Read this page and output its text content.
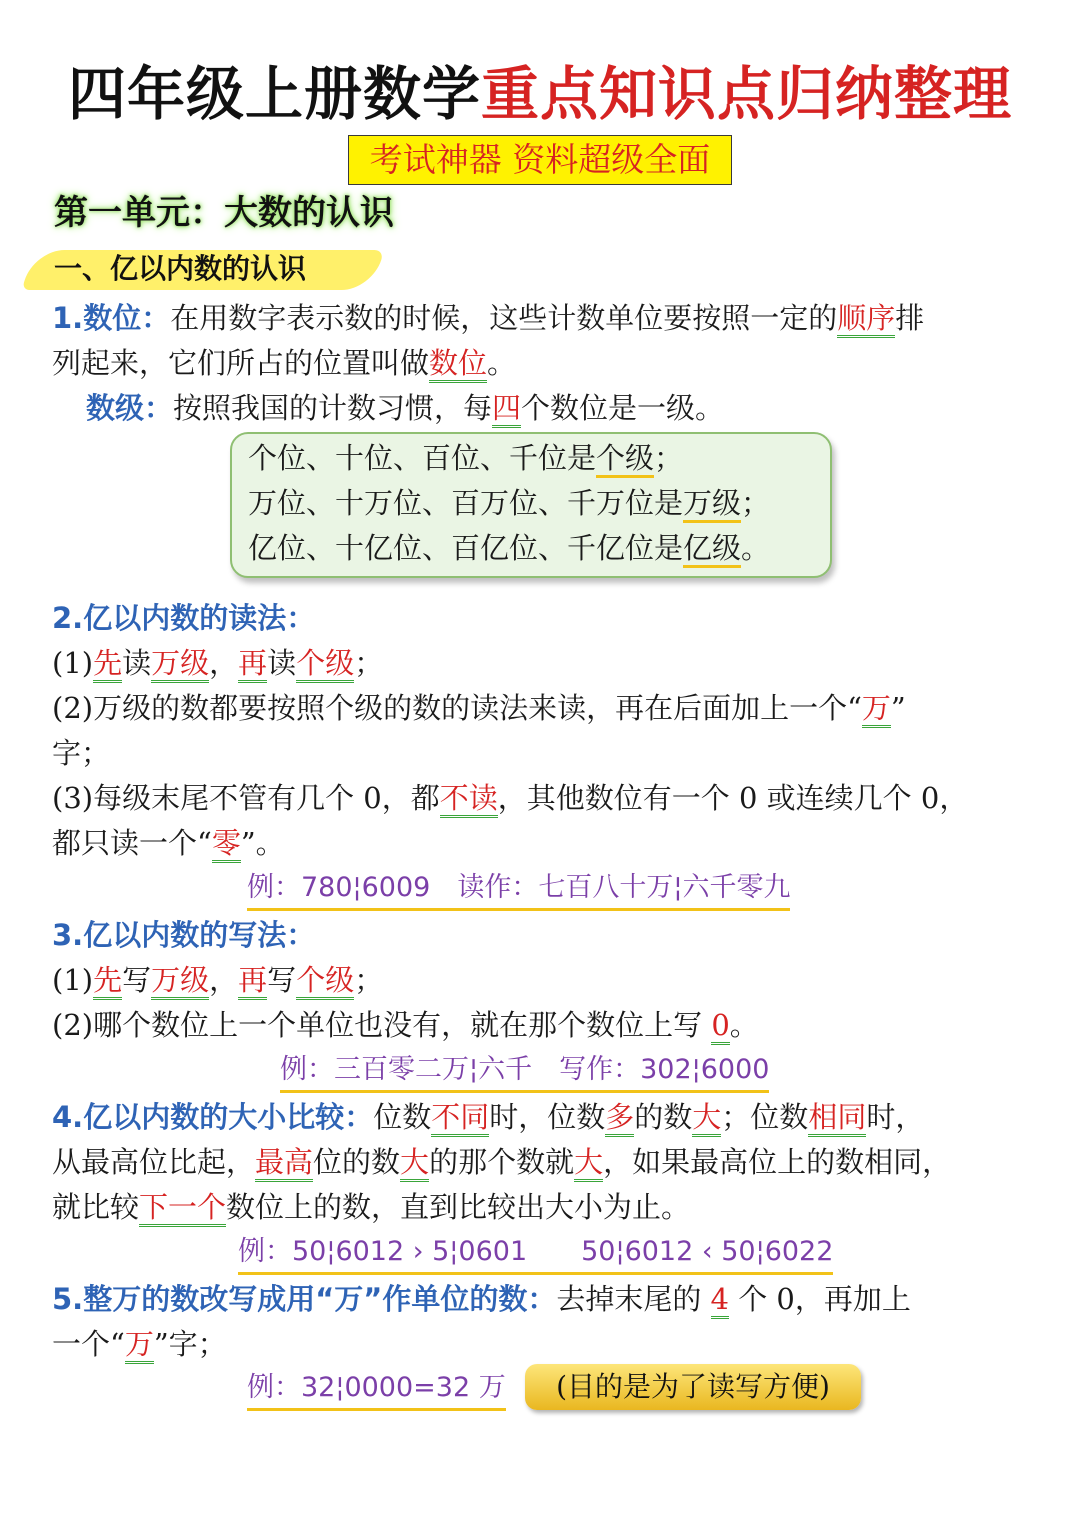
四年级上册数学重点知识点归纳整理
考试神器 资料超级全面
第一单元：大数的认识
一、亿以内数的认识
1.数位：在用数字表示数的时候，这些计数单位要按照一定的顺序排
列起来，它们所占的位置叫做数位。
数级：按照我国的计数习惯，每四个数位是一级。
个位、十位、百位、千位是个级；
万位、十万位、百万位、千万位是万级；
亿位、十亿位、百亿位、千亿位是亿级。
2.亿以内数的读法：
(1)先读万级，再读个级；
(2)万级的数都要按照个级的数的读法来读，再在后面加上一个“万”
字；
(3)每级末尾不管有几个 0，都不读，其他数位有一个 0 或连续几个 0，
都只读一个“零”。
例：780¦6009　读作：七百八十万¦六千零九
3.亿以内数的写法：
(1)先写万级，再写个级；
(2)哪个数位上一个单位也没有，就在那个数位上写 0。
例：三百零二万¦六千　写作：302¦6000
4.亿以内数的大小比较：位数不同时，位数多的数大；位数相同时，
从最高位比起，最高位的数大的那个数就大，如果最高位上的数相同，
就比较下一个数位上的数，直到比较出大小为止。
例：50¦6012 › 5¦0601　　50¦6012 ‹ 50¦6022
5.整万的数改写成用“万”作单位的数：去掉末尾的 4 个 0，再加上
一个“万”字；
例：32¦0000=32 万	(目的是为了读写方便)
